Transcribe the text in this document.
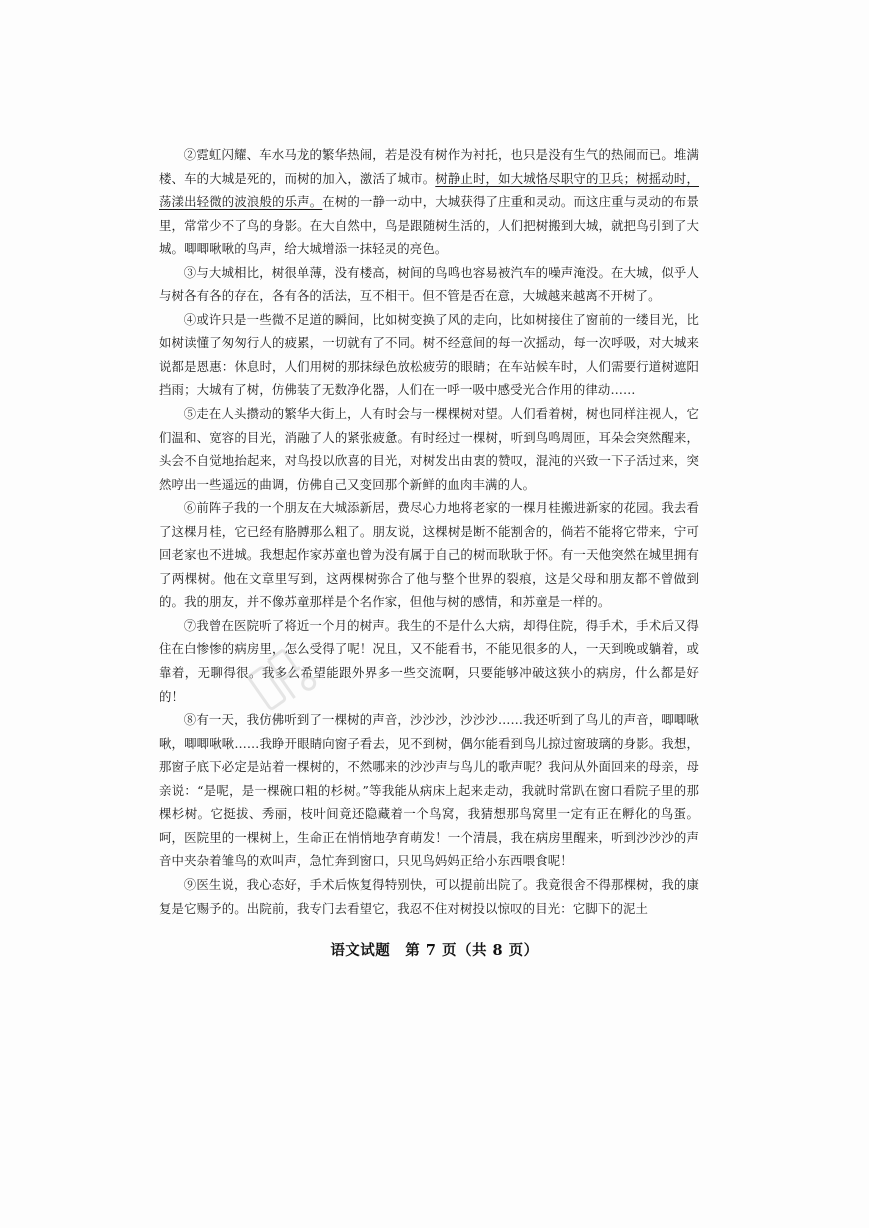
②霓虹闪耀、车水马龙的繁华热闹，若是没有树作为衬托，也只是没有生气的热闹而已。堆满楼、车的大城是死的，而树的加入，激活了城市。树静止时，如大城恪尽职守的卫兵；树摇动时，荡漾出轻微的波浪般的乐声。在树的一静一动中，大城获得了庄重和灵动。而这庄重与灵动的布景里，常常少不了鸟的身影。在大自然中，鸟是跟随树生活的，人们把树搬到大城，就把鸟引到了大城。唧唧啾啾的鸟声，给大城增添一抹轻灵的亮色。

③与大城相比，树很单薄，没有楼高，树间的鸟鸣也容易被汽车的噪声淹没。在大城，似乎人与树各有各的存在，各有各的活法，互不相干。但不管是否在意，大城越来越离不开树了。

④或许只是一些微不足道的瞬间，比如树变换了风的走向，比如树接住了窗前的一缕目光，比如树读懂了匆匆行人的疲累，一切就有了不同。树不经意间的每一次摇动，每一次呼吸，对大城来说都是恩惠：休息时，人们用树的那抹绿色放松疲劳的眼睛；在车站候车时，人们需要行道树遮阳挡雨；大城有了树，仿佛装了无数净化器，人们在一呼一吸中感受光合作用的律动……

⑤走在人头攒动的繁华大街上，人有时会与一棵棵树对望。人们看着树，树也同样注视人，它们温和、宽容的目光，消融了人的紧张疲惫。有时经过一棵树，听到鸟鸣周匝，耳朵会突然醒来，头会不自觉地抬起来，对鸟投以欣喜的目光，对树发出由衷的赞叹，混沌的兴致一下子活过来，突然哼出一些遥远的曲调，仿佛自己又变回那个新鲜的血肉丰满的人。

⑥前阵子我的一个朋友在大城添新居，费尽心力地将老家的一棵月桂搬进新家的花园。我去看了这棵月桂，它已经有胳膊那么粗了。朋友说，这棵树是断不能割舍的，倘若不能将它带来，宁可回老家也不进城。我想起作家苏童也曾为没有属于自己的树而耿耿于怀。有一天他突然在城里拥有了两棵树。他在文章里写到，这两棵树弥合了他与整个世界的裂痕，这是父母和朋友都不曾做到的。我的朋友，并不像苏童那样是个名作家，但他与树的感情，和苏童是一样的。

⑦我曾在医院听了将近一个月的树声。我生的不是什么大病，却得住院，得手术，手术后又得住在白惨惨的病房里，怎么受得了呢！况且，又不能看书，不能见很多的人，一天到晚或躺着，或靠着，无聊得很。我多么希望能跟外界多一些交流啊，只要能够冲破这狭小的病房，什么都是好的！

⑧有一天，我仿佛听到了一棵树的声音，沙沙沙，沙沙沙……我还听到了鸟儿的声音，唧唧啾啾，唧唧啾啾……我睁开眼睛向窗子看去，见不到树，偶尔能看到鸟儿掠过窗玻璃的身影。我想，那窗子底下必定是站着一棵树的，不然哪来的沙沙声与鸟儿的歌声呢？我问从外面回来的母亲，母亲说：“是呢，是一棵碗口粗的杉树。”等我能从病床上起来走动，我就时常趴在窗口看院子里的那棵杉树。它挺拔、秀丽，枝叶间竟还隐藏着一个鸟窝，我猜想那鸟窝里一定有正在孵化的鸟蛋。呵，医院里的一棵树上，生命正在悄悄地孕育萌发！一个清晨，我在病房里醒来，听到沙沙沙的声音中夹杂着雏鸟的欢叫声，急忙奔到窗口，只见鸟妈妈正给小东西喂食呢！

⑨医生说，我心态好，手术后恢复得特别快，可以提前出院了。我竟很舍不得那棵树，我的康复是它赐予的。出院前，我专门去看望它，我忍不住对树投以惊叹的目光：它脚下的泥土

语文试题　第 7 页（共 8 页）
